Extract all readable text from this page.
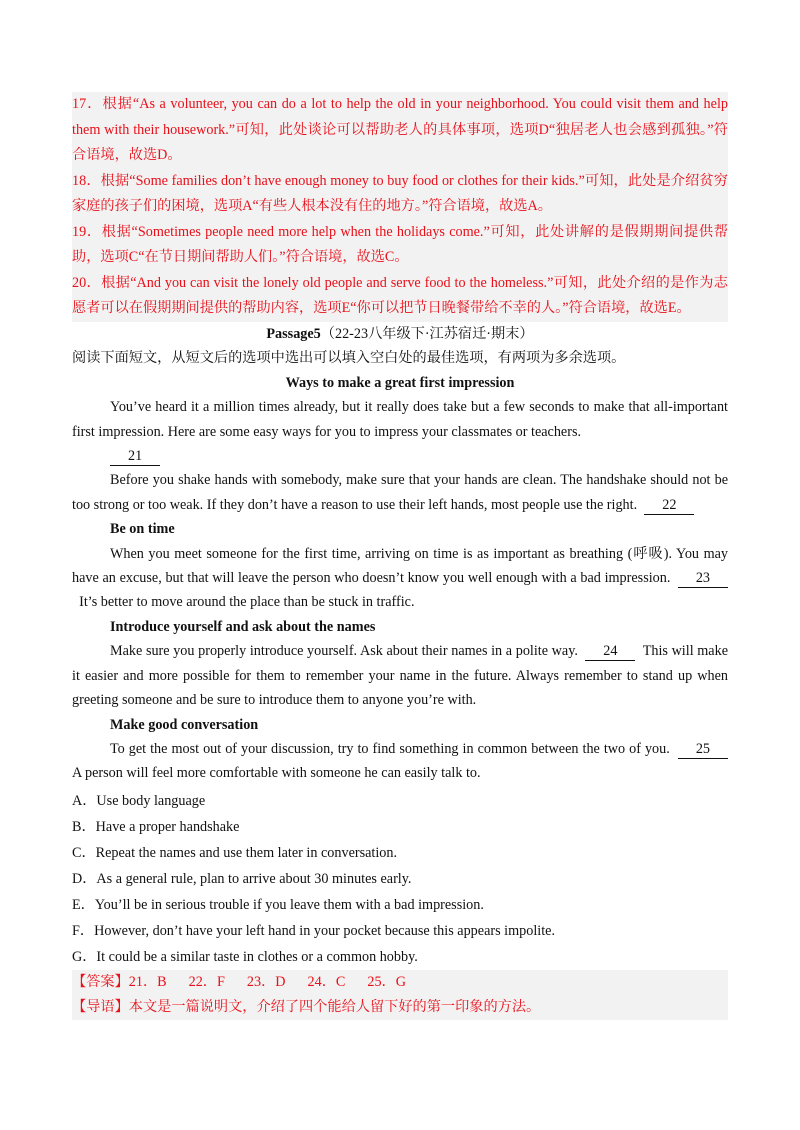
17．根据“As a volunteer, you can do a lot to help the old in your neighborhood. You could visit them and help them with their housework.”可知，此处谈论可以帮助老人的具体事项，选项D“独居老人也会感到孤独。”符合语境，故选D。

18．根据“Some families don’t have enough money to buy food or clothes for their kids.”可知，此处是介绍贫穷家庭的孩子们的困境，选项A“有些人根本没有住的地方。”符合语境，故选A。

19．根据“Sometimes people need more help when the holidays come.”可知，此处讲解的是假期期间提供帮助，选项C“在节日期间帮助人们。”符合语境，故选C。

20．根据“And you can visit the lonely old people and serve food to the homeless.”可知，此处介绍的是作为志愿者可以在假期期间提供的帮助内容，选项E“你可以把节日晚餐带给不幸的人。”符合语境，故选E。

Passage5（22-23八年级下·江苏宿迁·期末）

阅读下面短文，从短文后的选项中选出可以填入空白处的最佳选项，有两项为多余选项。

Ways to make a great first impression

You’ve heard it a million times already, but it really does take but a few seconds to make that all-important first impression. Here are some easy ways for you to impress your classmates or teachers.

21

Before you shake hands with somebody, make sure that your hands are clean. The handshake should not be too strong or too weak. If they don’t have a reason to use their left hands, most people use the right. 22

Be on time

When you meet someone for the first time, arriving on time is as important as breathing (呼吸). You may have an excuse, but that will leave the person who doesn’t know you well enough with a bad impression. 23  It’s better to move around the place than be stuck in traffic.

Introduce yourself and ask about the names

Make sure you properly introduce yourself. Ask about their names in a polite way. 24 This will make it easier and more possible for them to remember your name in the future. Always remember to stand up when greeting someone and be sure to introduce them to anyone you’re with.

Make good conversation

To get the most out of your discussion, try to find something in common between the two of you. 25 A person will feel more comfortable with someone he can easily talk to.

A．Use body language

B．Have a proper handshake

C．Repeat the names and use them later in conversation.

D．As a general rule, plan to arrive about 30 minutes early.

E．You’ll be in serious trouble if you leave them with a bad impression.

F．However, don’t have your left hand in your pocket because this appears impolite.

G．It could be a similar taste in clothes or a common hobby.

【答案】21．B 22．F 23．D 24．C 25．G

【导语】本文是一篇说明文，介绍了四个能给人留下好的第一印象的方法。
